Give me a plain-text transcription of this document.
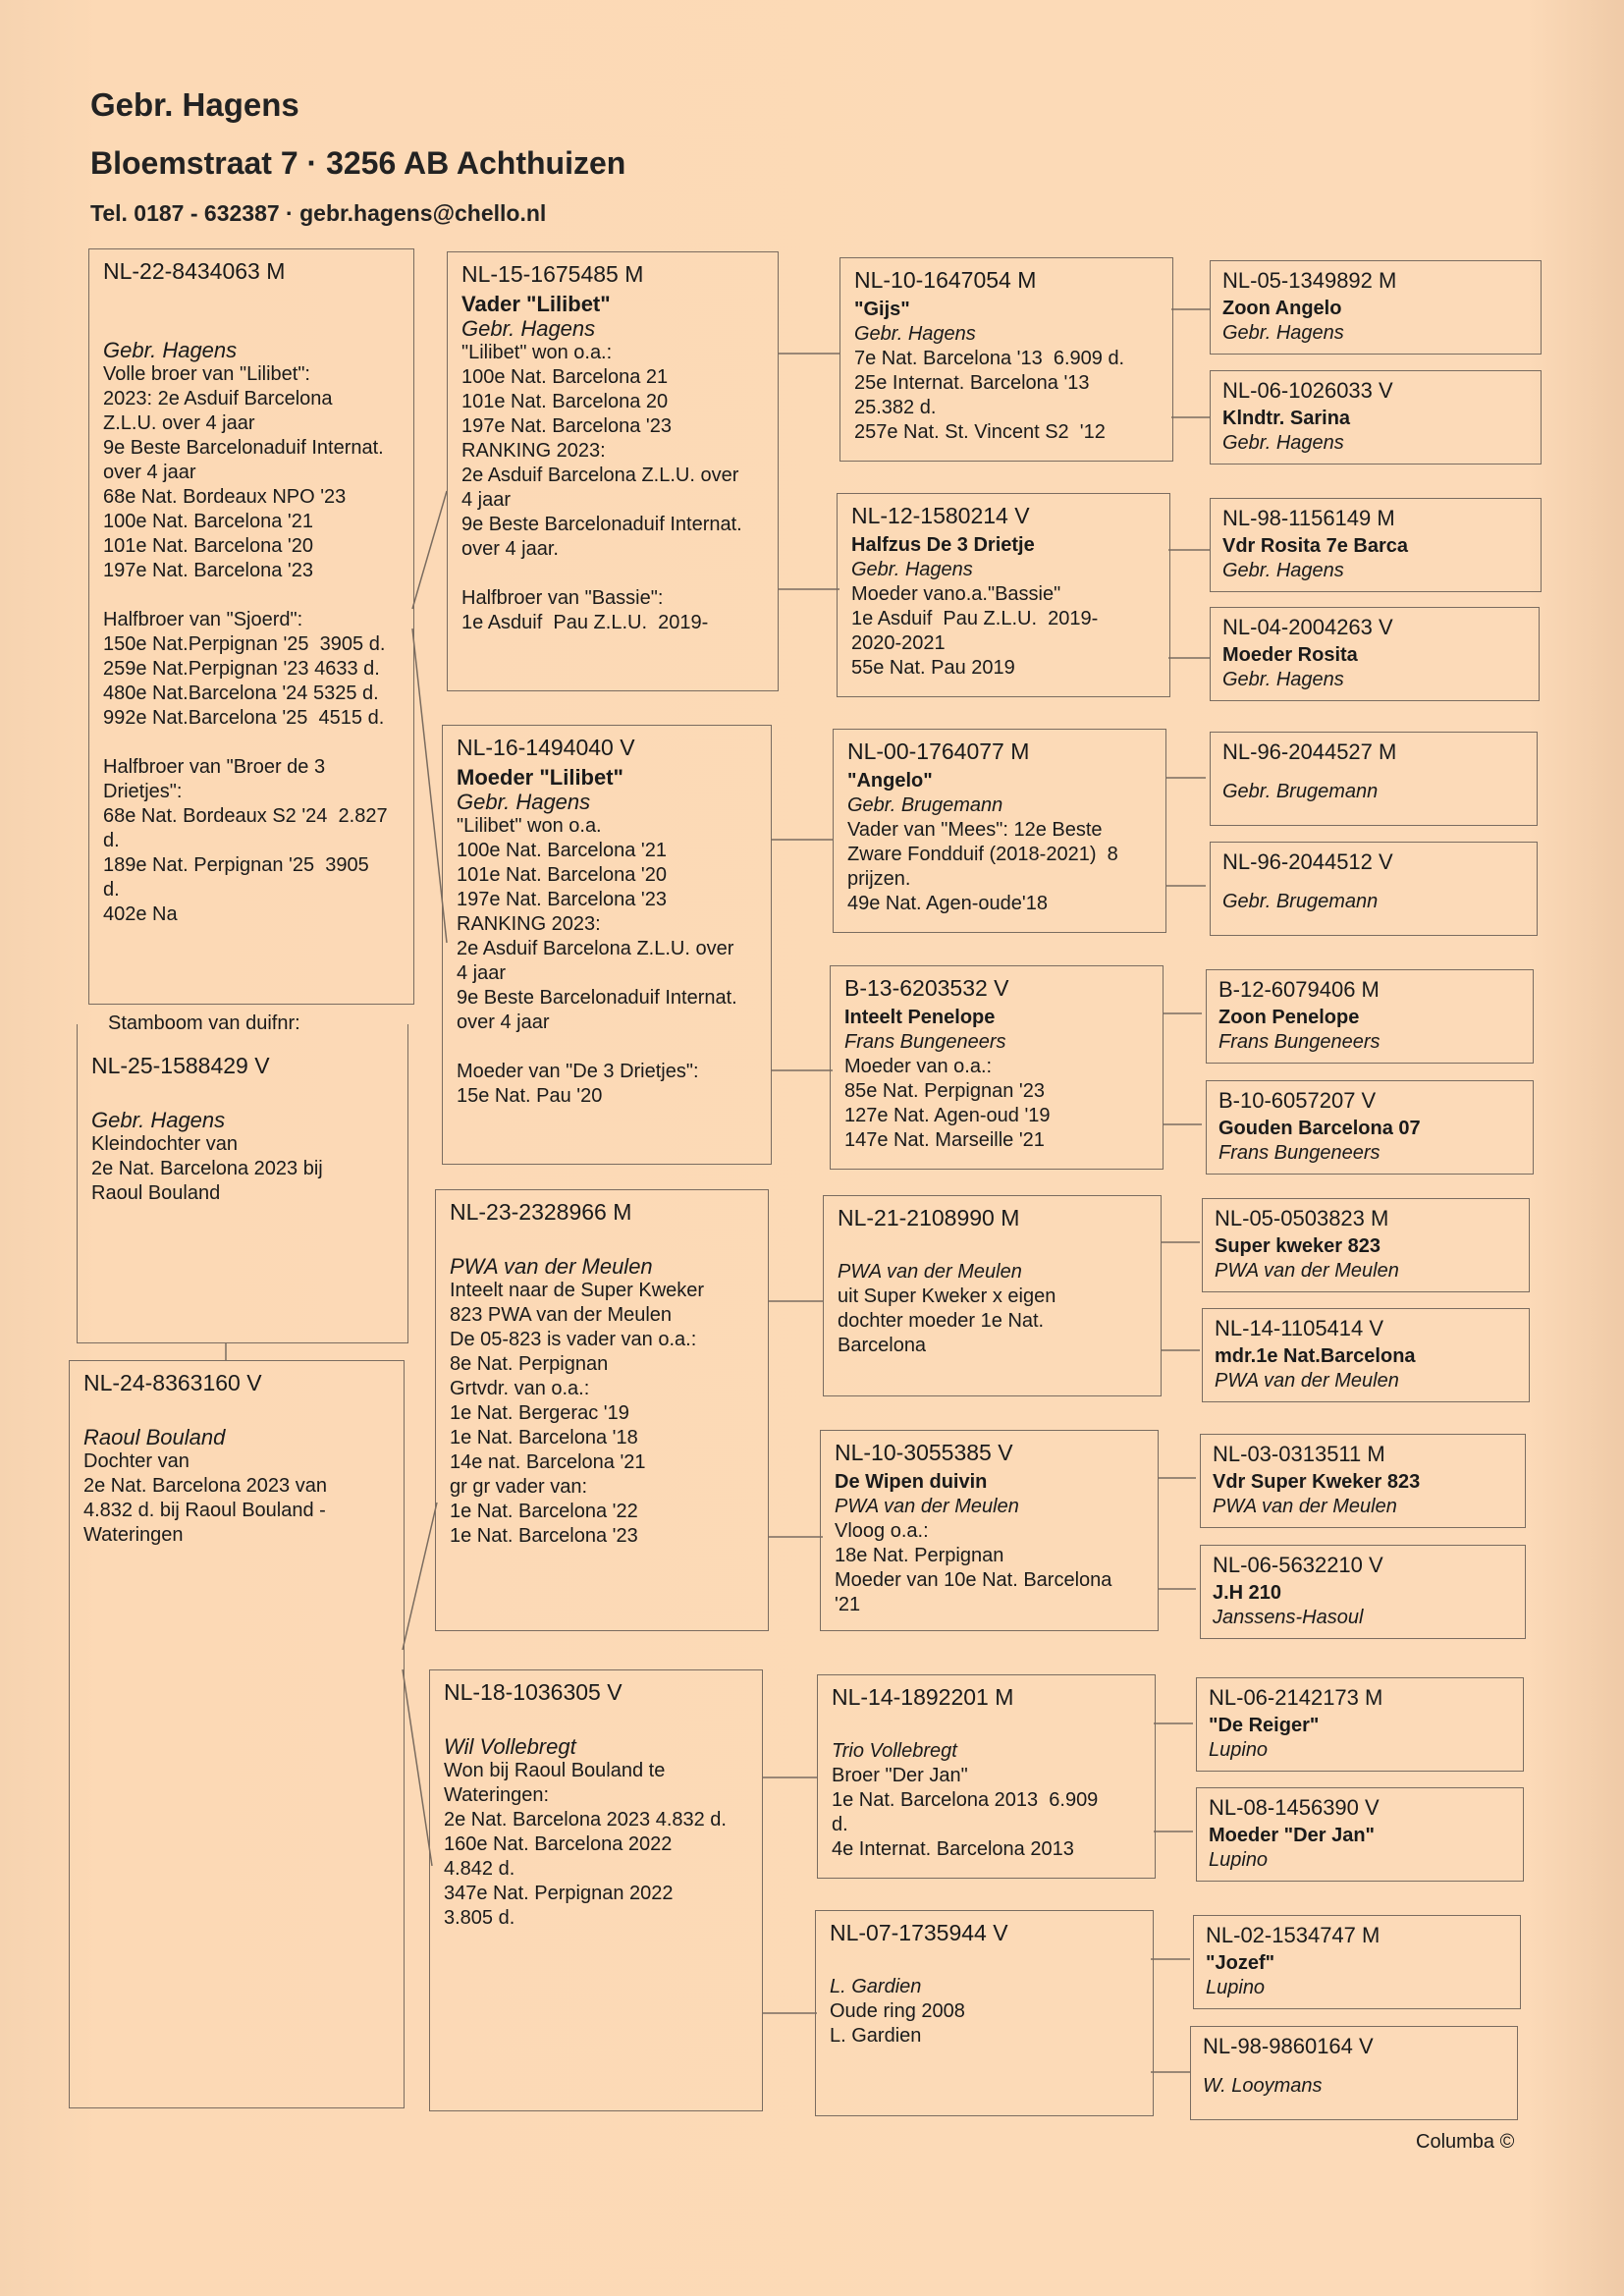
Gebr. Hagens
Bloemstraat 7 · 3256 AB Achthuizen
Tel. 0187 - 632387 · gebr.hagens@chello.nl
NL-22-8434063 M
Gebr. Hagens
Volle broer van "Lilibet":
2023: 2e Asduif Barcelona
Z.L.U. over 4 jaar
9e Beste Barcelonaduif Internat.
over 4 jaar
68e Nat. Bordeaux NPO '23
100e Nat. Barcelona '21
101e Nat. Barcelona '20
197e Nat. Barcelona '23
Halfbroer van "Sjoerd":
150e Nat.Perpignan '25  3905 d.
259e Nat.Perpignan '23 4633 d.
480e Nat.Barcelona '24 5325 d.
992e Nat.Barcelona '25  4515 d.
Halfbroer van "Broer de 3
Drietjes":
68e Nat. Bordeaux S2 '24  2.827
d.
189e Nat. Perpignan '25  3905
d.
402e Na
Stamboom van duifnr:
NL-25-1588429 V
Gebr. Hagens
Kleindochter van
2e Nat. Barcelona 2023 bij
Raoul Bouland
NL-24-8363160 V
Raoul Bouland
Dochter van
2e Nat. Barcelona 2023 van
4.832 d. bij Raoul Bouland -
Wateringen
NL-15-1675485 M
Vader "Lilibet"
Gebr. Hagens
"Lilibet" won o.a.:
100e Nat. Barcelona 21
101e Nat. Barcelona 20
197e Nat. Barcelona '23
RANKING 2023:
2e Asduif Barcelona Z.L.U. over
4 jaar
9e Beste Barcelonaduif Internat.
over 4 jaar.
Halfbroer van "Bassie":
1e Asduif  Pau Z.L.U.  2019-
NL-16-1494040 V
Moeder "Lilibet"
Gebr. Hagens
"Lilibet" won o.a.
100e Nat. Barcelona '21
101e Nat. Barcelona '20
197e Nat. Barcelona '23
RANKING 2023:
2e Asduif Barcelona Z.L.U. over
4 jaar
9e Beste Barcelonaduif Internat.
over 4 jaar
Moeder van "De 3 Drietjes":
15e Nat. Pau '20
NL-23-2328966 M
PWA van der Meulen
Inteelt naar de Super Kweker
823 PWA van der Meulen
De 05-823 is vader van o.a.:
8e Nat. Perpignan
Grtvdr. van o.a.:
1e Nat. Bergerac '19
1e Nat. Barcelona '18
14e nat. Barcelona '21
gr gr vader van:
1e Nat. Barcelona '22
1e Nat. Barcelona '23
NL-18-1036305 V
Wil Vollebregt
Won bij Raoul Bouland te
Wateringen:
2e Nat. Barcelona 2023 4.832 d.
160e Nat. Barcelona 2022
4.842 d.
347e Nat. Perpignan 2022
3.805 d.
NL-10-1647054 M
"Gijs"
Gebr. Hagens
7e Nat. Barcelona '13  6.909 d.
25e Internat. Barcelona '13
25.382 d.
257e Nat. St. Vincent S2  '12
NL-12-1580214 V
Halfzus De 3 Drietje
Gebr. Hagens
Moeder vano.a."Bassie"
1e Asduif  Pau Z.L.U.  2019-
2020-2021
55e Nat. Pau 2019
NL-00-1764077 M
"Angelo"
Gebr. Brugemann
Vader van "Mees": 12e Beste
Zware Fondduif (2018-2021)  8
prijzen.
49e Nat. Agen-oude'18
B-13-6203532 V
Inteelt Penelope
Frans Bungeneers
Moeder van o.a.:
85e Nat. Perpignan '23
127e Nat. Agen-oud '19
147e Nat. Marseille '21
NL-21-2108990 M
PWA van der Meulen
uit Super Kweker x eigen
dochter moeder 1e Nat.
Barcelona
NL-10-3055385 V
De Wipen duivin
PWA van der Meulen
Vloog o.a.:
18e Nat. Perpignan
Moeder van 10e Nat. Barcelona
'21
NL-14-1892201 M
Trio Vollebregt
Broer "Der Jan"
1e Nat. Barcelona 2013  6.909
d.
4e Internat. Barcelona 2013
NL-07-1735944 V
L. Gardien
Oude ring 2008
L. Gardien
NL-05-1349892 M
Zoon Angelo
Gebr. Hagens
NL-06-1026033 V
Klndtr. Sarina
Gebr. Hagens
NL-98-1156149 M
Vdr Rosita 7e Barca
Gebr. Hagens
NL-04-2004263 V
Moeder Rosita
Gebr. Hagens
NL-96-2044527 M
Gebr. Brugemann
NL-96-2044512 V
Gebr. Brugemann
B-12-6079406 M
Zoon Penelope
Frans Bungeneers
B-10-6057207 V
Gouden Barcelona 07
Frans Bungeneers
NL-05-0503823 M
Super kweker 823
PWA van der Meulen
NL-14-1105414 V
mdr.1e Nat.Barcelona
PWA van der Meulen
NL-03-0313511 M
Vdr Super Kweker 823
PWA van der Meulen
NL-06-5632210 V
J.H 210
Janssens-Hasoul
NL-06-2142173 M
"De Reiger"
Lupino
NL-08-1456390 V
Moeder "Der Jan"
Lupino
NL-02-1534747 M
"Jozef"
Lupino
NL-98-9860164 V
W. Looymans
Columba ©
